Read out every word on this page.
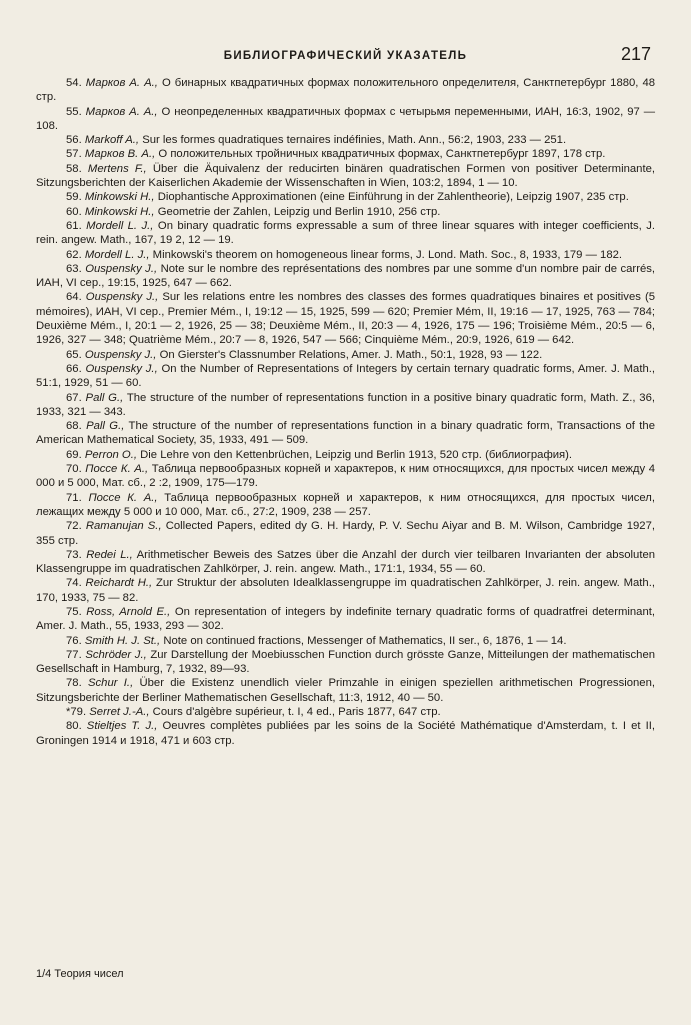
БИБЛИОГРАФИЧЕСКИЙ УКАЗАТЕЛЬ	217

54. Марков А. А., О бинарных квадратичных формах положительного определителя, Санктпетербург 1880, 48 стр.

55. Марков А. А., О неопределенных квадратичных формах с четырьмя переменными, ИАН, 16:3, 1902, 97 — 108.

56. Markoff A., Sur les formes quadratiques ternaires indéfinies, Math. Ann., 56:2, 1903, 233 — 251.

57. Марков В. А., О положительных тройничных квадратичных формах, Санктпетербург 1897, 178 стр.

58. Mertens F., Über die Äquivalenz der reducirten binären quadratischen Formen von positiver Determinante, Sitzungsberichten der Kaiserlichen Akademie der Wissenschaften in Wien, 103:2, 1894, 1 — 10.

59. Minkowski H., Diophantische Approximationen (eine Einführung in der Zahlentheorie), Leipzig 1907, 235 стр.

60. Minkowski H., Geometrie der Zahlen, Leipzig und Berlin 1910, 256 стр.

61. Mordell L. J., On binary quadratic forms expressable a sum of three linear squares with integer coefficients, J. rein. angew. Math., 167, 19 2, 12 — 19.

62. Mordell L. J., Minkowski's theorem on homogeneous linear forms, J. Lond. Math. Soc., 8, 1933, 179 — 182.

63. Ouspensky J., Note sur le nombre des représentations des nombres par une somme d'un nombre pair de carrés, ИАН, VI сер., 19:15, 1925, 647 — 662.

64. Ouspensky J., Sur les relations entre les nombres des classes des formes quadratiques binaires et positives (5 mémoires), ИАН, VI сер., Premier Mém., I, 19:12 — 15, 1925, 599 — 620; Premier Mém, II, 19:16 — 17, 1925, 763 — 784; Deuxième Mém., I, 20:1 — 2, 1926, 25 — 38; Deuxième Mém., II, 20:3 — 4, 1926, 175 — 196; Troisième Mém., 20:5 — 6, 1926, 327 — 348; Quatrième Mém., 20:7 — 8, 1926, 547 — 566; Cinquième Mém., 20:9, 1926, 619 — 642.

65. Ouspensky J., On Gierster's Classnumber Relations, Amer. J. Math., 50:1, 1928, 93 — 122.

66. Ouspensky J., On the Number of Representations of Integers by certain ternary quadratic forms, Amer. J. Math., 51:1, 1929, 51 — 60.

67. Pall G., The structure of the number of representations function in a positive binary quadratic form, Math. Z., 36, 1933, 321 — 343.

68. Pall G., The structure of the number of representations function in a binary quadratic form, Transactions of the American Mathematical Society, 35, 1933, 491 — 509.

69. Perron O., Die Lehre von den Kettenbrüchen, Leipzig und Berlin 1913, 520 стр. (библиография).

70. Поссе К. А., Таблица первообразных корней и характеров, к ним относящихся, для простых чисел между 4 000 и 5 000, Мат. сб., 2 :2, 1909, 175—179.

71. Поссе К. А., Таблица первообразных корней и характеров, к ним относящихся, для простых чисел, лежащих между 5 000 и 10 000, Мат. сб., 27:2, 1909, 238 — 257.

72. Ramanujan S., Collected Papers, edited dy G. H. Hardy, P. V. Sechu Aiyar and B. M. Wilson, Cambridge 1927, 355 стр.

73. Redei L., Arithmetischer Beweis des Satzes über die Anzahl der durch vier teilbaren Invarianten der absoluten Klassengruppe im quadratischen Zahlkörper, J. rein. angew. Math., 171:1, 1934, 55 — 60.

74. Reichardt H., Zur Struktur der absoluten Idealklassengruppe im quadratischen Zahlkörper, J. rein. angew. Math., 170, 1933, 75 — 82.

75. Ross, Arnold E., On representation of integers by indefinite ternary quadratic forms of quadratfrei determinant, Amer. J. Math., 55, 1933, 293 — 302.

76. Smith H. J. St., Note on continued fractions, Messenger of Mathematics, II ser., 6, 1876, 1 — 14.

77. Schröder J., Zur Darstellung der Moebiusschen Function durch grösste Ganze, Mitteilungen der mathematischen Gesellschaft in Hamburg, 7, 1932, 89—93.

78. Schur I., Über die Existenz unendlich vieler Primzahle in einigen speziellen arithmetischen Progressionen, Sitzungsberichte der Berliner Mathematischen Gesellschaft, 11:3, 1912, 40 — 50.

*79. Serret J.-A., Cours d'algèbre supérieur, t. I, 4 ed., Paris 1877, 647 стр.

80. Stieltjes T. J., Oeuvres complètes publiées par les soins de la Société Mathématique d'Amsterdam, t. I et II, Groningen 1914 и 1918, 471 и 603 стр.

1/4 Теория чисел
